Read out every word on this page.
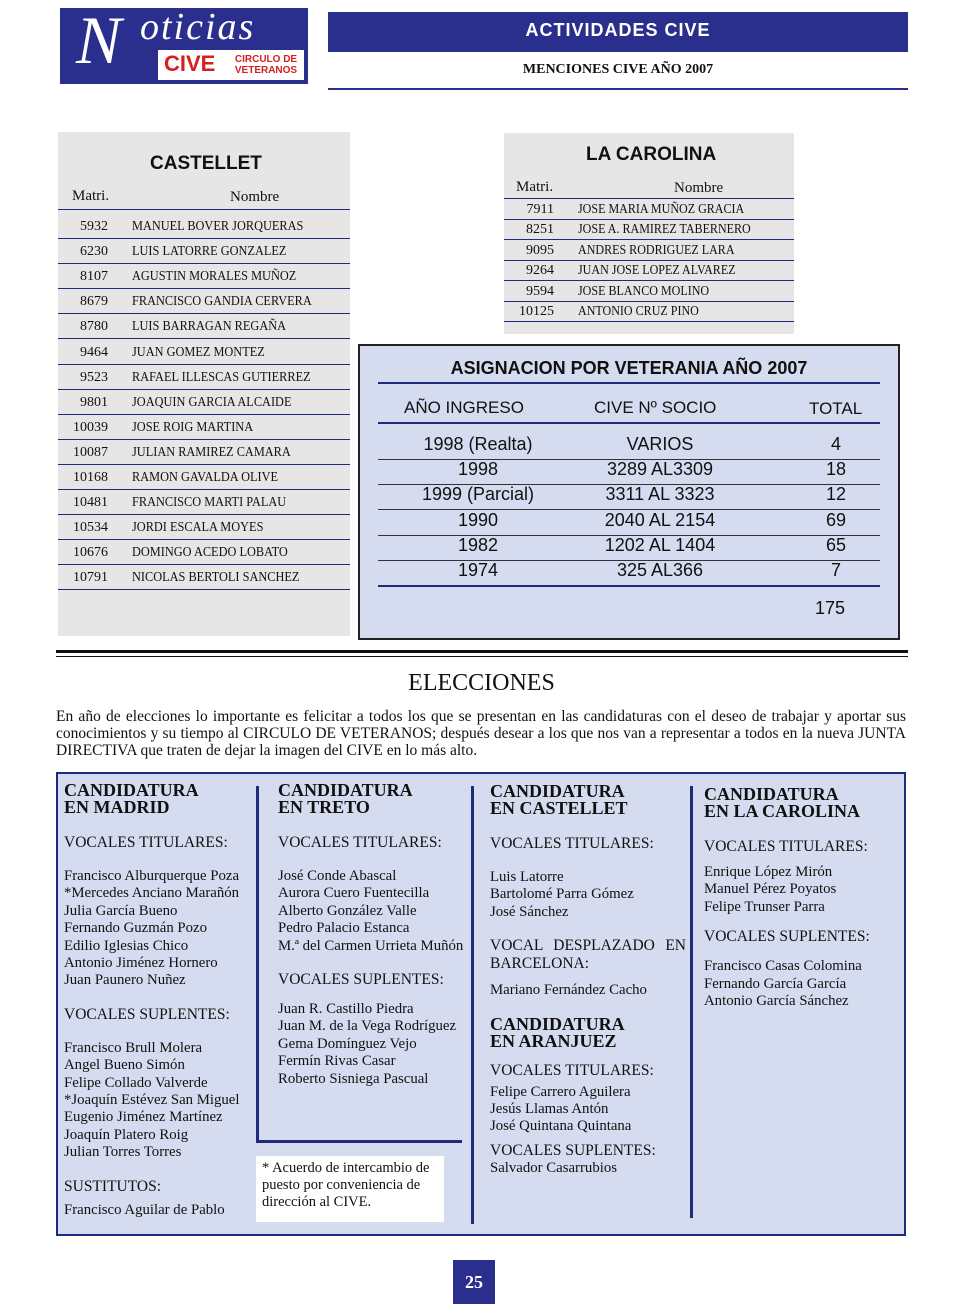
N oticias
CIVE	CIRCULO DE
VETERANOS
ACTIVIDADES CIVE
MENCIONES CIVE AÑO 2007
CASTELLET
Matri.	Nombre
5932 MANUEL BOVER JORQUERAS
6230 LUIS LATORRE GONZALEZ
8107 AGUSTIN MORALES MUÑOZ
8679 FRANCISCO GANDIA CERVERA
8780 LUIS BARRAGAN REGAÑA
9464 JUAN GOMEZ MONTEZ
9523 RAFAEL ILLESCAS GUTIERREZ
9801 JOAQUIN GARCIA ALCAIDE
10039 JOSE ROIG MARTINA
10087 JULIAN RAMIREZ CAMARA
10168 RAMON GAVALDA OLIVE
10481 FRANCISCO MARTI PALAU
10534 JORDI ESCALA MOYES
10676 DOMINGO ACEDO LOBATO
10791 NICOLAS BERTOLI SANCHEZ
LA CAROLINA
Matri.	Nombre
7911 JOSE MARIA MUÑOZ GRACIA
8251 JOSE A. RAMIREZ TABERNERO
9095 ANDRES RODRIGUEZ LARA
9264 JUAN JOSE LOPEZ ALVAREZ
9594 JOSE BLANCO MOLINO
10125 ANTONIO CRUZ PINO
ASIGNACION POR VETERANIA AÑO 2007
AÑO INGRESO	CIVE Nº SOCIO	TOTAL
1998 (Realta)	VARIOS	4
1998	3289 AL3309	18
1999 (Parcial)	3311 AL 3323	12
1990	2040 AL 2154	69
1982	1202 AL 1404	65
1974	325 AL366	7
175
ELECCIONES
En año de elecciones lo importante es felicitar a todos los que se presentan en las candidaturas con el deseo de trabajar y aportar sus conocimientos y su tiempo al CIRCULO DE VETERANOS; después desear a los que nos van a representar a todos en la nueva JUNTA DIRECTIVA que traten de dejar la imagen del CIVE en lo más alto.
CANDIDATURA
EN MADRID
VOCALES TITULARES:
Francisco Alburquerque Poza
*Mercedes Anciano Marañón
Julia García Bueno
Fernando Guzmán Pozo
Edilio Iglesias Chico
Antonio Jiménez Hornero
Juan Paunero Nuñez
VOCALES SUPLENTES:
Francisco Brull Molera
Angel Bueno Simón
Felipe Collado Valverde
*Joaquín Estévez San Miguel
Eugenio Jiménez Martínez
Joaquín Platero Roig
Julian Torres Torres
SUSTITUTOS:
Francisco Aguilar de Pablo
CANDIDATURA
EN TRETO
VOCALES TITULARES:
José Conde Abascal
Aurora Cuero Fuentecilla
Alberto González Valle
Pedro Palacio Estanca
M.ª del Carmen Urrieta Muñón
VOCALES SUPLENTES:
Juan R. Castillo Piedra
Juan M. de la Vega Rodríguez
Gema Domínguez Vejo
Fermín Rivas Casar
Roberto Sisniega Pascual
* Acuerdo de intercambio de puesto por conveniencia de dirección al CIVE.
CANDIDATURA
EN CASTELLET
VOCALES TITULARES:
Luis Latorre
Bartolomé Parra Gómez
José Sánchez
VOCAL DESPLAZADO EN BARCELONA:
Mariano Fernández Cacho
CANDIDATURA
EN ARANJUEZ
VOCALES TITULARES:
Felipe Carrero Aguilera
Jesús Llamas Antón
José Quintana Quintana
VOCALES SUPLENTES:
Salvador Casarrubios
CANDIDATURA
EN LA CAROLINA
VOCALES TITULARES:
Enrique López Mirón
Manuel Pérez Poyatos
Felipe Trunser Parra
VOCALES SUPLENTES:
Francisco Casas Colomina
Fernando García García
Antonio García Sánchez
25
